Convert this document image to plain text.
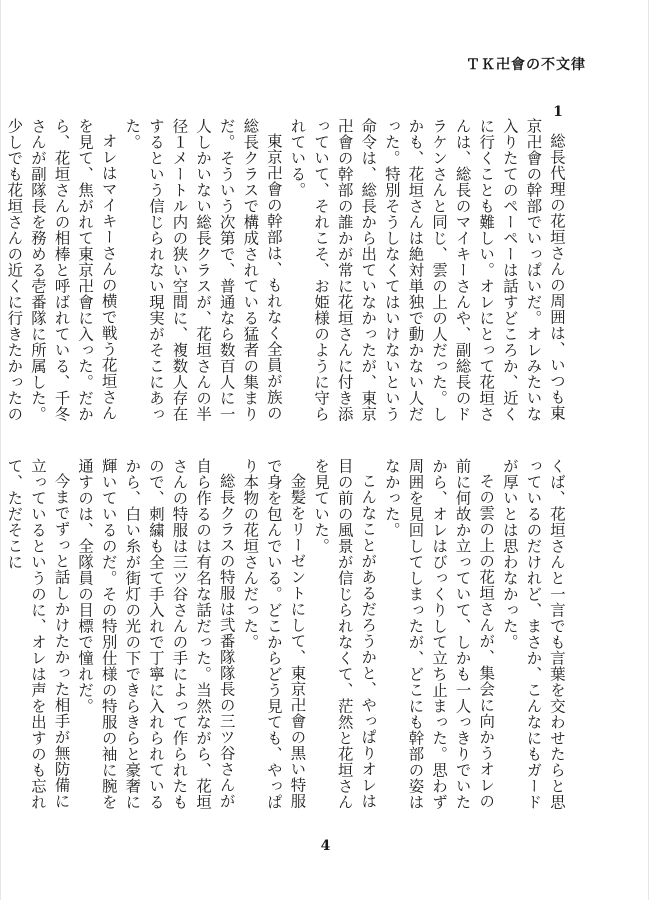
ＴＫ卍會の不文律
1

総長代理の花垣さんの周囲は、いつも東京卍會の幹部でいっぱいだ。オレみたいな入りたてのペーペーは話すどころか、近くに行くことも難しい。オレにとって花垣さんは、総長のマイキーさんや、副総長のドラケンさんと同じ、雲の上の人だった。しかも、花垣さんは絶対単独で動かない人だった。特別そうしなくてはいけないという命令は、総長から出ていなかったが、東京卍會の幹部の誰かが常に花垣さんに付き添っていて、それこそ、お姫様のように守られている。

東京卍會の幹部は、もれなく全員が族の総長クラスで構成されている猛者の集まりだ。そういう次第で、普通なら数百人に一人しかいない総長クラスが、花垣さんの半径１メートル内の狭い空間に、複数人存在するという信じられない現実がそこにあった。

オレはマイキーさんの横で戦う花垣さんを見て、焦がれて東京卍會に入った。だから、花垣さんの相棒と呼ばれている、千冬さんが副隊長を務める壱番隊に所属した。少しでも花垣さんの近くに行きたかったの

くば、花垣さんと一言でも言葉を交わせたらと思っているのだけれど、まさか、こんなにもガードが厚いとは思わなかった。

その雲の上の花垣さんが、集会に向かうオレの前に何故か立っていて、しかも一人っきりでいたから、オレはびっくりして立ち止まった。思わず周囲を見回してしまったが、どこにも幹部の姿はなかった。

こんなことがあるだろうかと、やっぱりオレは目の前の風景が信じられなくて、茫然と花垣さんを見ていた。

金髪をリーゼントにして、東京卍會の黒い特服で身を包んでいる。どこからどう見ても、やっぱり本物の花垣さんだった。

総長クラスの特服は弐番隊隊長の三ツ谷さんが自ら作るのは有名な話だった。当然ながら、花垣さんの特服は三ツ谷さんの手によって作られたもので、刺繍も全て手入れで丁寧に入れられているから、白い糸が街灯の光の下できらきらと豪奢に輝いているのだ。その特別仕様の特服の袖に腕を通すのは、全隊員の目標で憧れだ。

今までずっと話しかけたかった相手が無防備に立っているというのに、オレは声を出すのも忘れて、ただそこに

4
